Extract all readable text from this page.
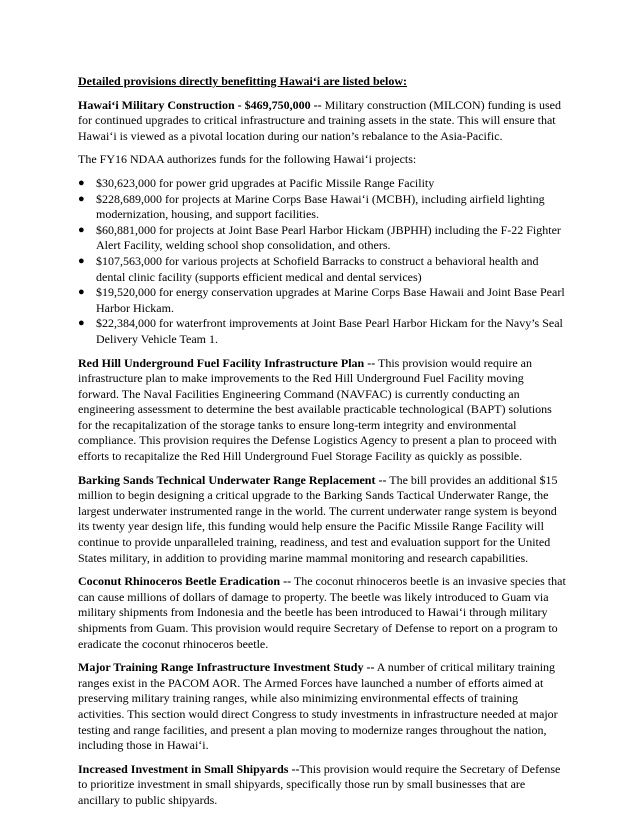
Detailed provisions directly benefitting Hawai‘i are listed below:

Hawai‘i Military Construction - $469,750,000 -- Military construction (MILCON) funding is used for continued upgrades to critical infrastructure and training assets in the state. This will ensure that Hawai‘i is viewed as a pivotal location during our nation’s rebalance to the Asia-Pacific.

The FY16 NDAA authorizes funds for the following Hawai‘i projects:

● $30,623,000 for power grid upgrades at Pacific Missile Range Facility
● $228,689,000 for projects at Marine Corps Base Hawai‘i (MCBH), including airfield lighting modernization, housing, and support facilities.
● $60,881,000 for projects at Joint Base Pearl Harbor Hickam (JBPHH) including the F-22 Fighter Alert Facility, welding school shop consolidation, and others.
● $107,563,000 for various projects at Schofield Barracks to construct a behavioral health and dental clinic facility (supports efficient medical and dental services)
● $19,520,000 for energy conservation upgrades at Marine Corps Base Hawaii and Joint Base Pearl Harbor Hickam.
● $22,384,000 for waterfront improvements at Joint Base Pearl Harbor Hickam for the Navy’s Seal Delivery Vehicle Team 1.

Red Hill Underground Fuel Facility Infrastructure Plan -- This provision would require an infrastructure plan to make improvements to the Red Hill Underground Fuel Facility moving forward. The Naval Facilities Engineering Command (NAVFAC) is currently conducting an engineering assessment to determine the best available practicable technological (BAPT) solutions for the recapitalization of the storage tanks to ensure long-term integrity and environmental compliance. This provision requires the Defense Logistics Agency to present a plan to proceed with efforts to recapitalize the Red Hill Underground Fuel Storage Facility as quickly as possible.

Barking Sands Technical Underwater Range Replacement -- The bill provides an additional $15 million to begin designing a critical upgrade to the Barking Sands Tactical Underwater Range, the largest underwater instrumented range in the world. The current underwater range system is beyond its twenty year design life, this funding would help ensure the Pacific Missile Range Facility will continue to provide unparalleled training, readiness, and test and evaluation support for the United States military, in addition to providing marine mammal monitoring and research capabilities.

Coconut Rhinoceros Beetle Eradication -- The coconut rhinoceros beetle is an invasive species that can cause millions of dollars of damage to property. The beetle was likely introduced to Guam via military shipments from Indonesia and the beetle has been introduced to Hawai‘i through military shipments from Guam. This provision would require Secretary of Defense to report on a program to eradicate the coconut rhinoceros beetle.

Major Training Range Infrastructure Investment Study -- A number of critical military training ranges exist in the PACOM AOR. The Armed Forces have launched a number of efforts aimed at preserving military training ranges, while also minimizing environmental effects of training activities. This section would direct Congress to study investments in infrastructure needed at major testing and range facilities, and present a plan moving to modernize ranges throughout the nation, including those in Hawai‘i.

Increased Investment in Small Shipyards --This provision would require the Secretary of Defense to prioritize investment in small shipyards, specifically those run by small businesses that are ancillary to public shipyards.
